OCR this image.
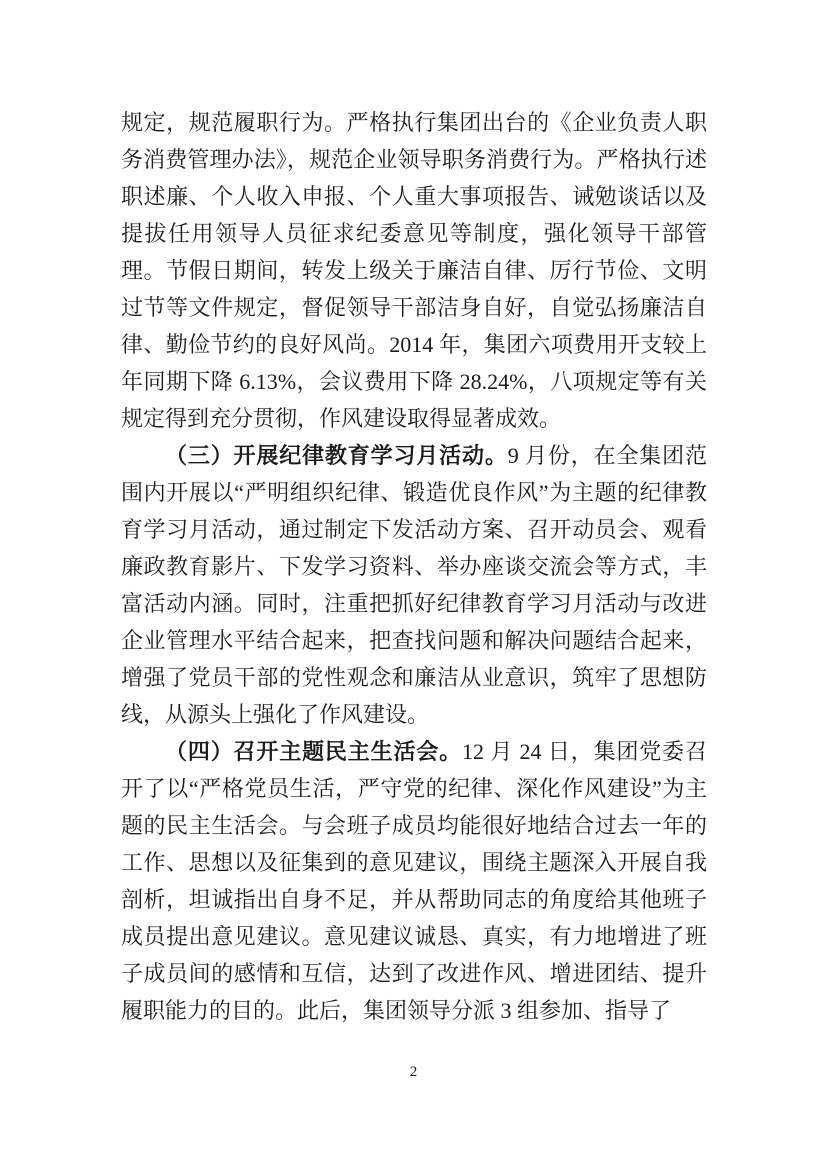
规定，规范履职行为。严格执行集团出台的《企业负责人职务消费管理办法》，规范企业领导职务消费行为。严格执行述职述廉、个人收入申报、个人重大事项报告、诫勉谈话以及提拔任用领导人员征求纪委意见等制度，强化领导干部管理。节假日期间，转发上级关于廉洁自律、厉行节俭、文明过节等文件规定，督促领导干部洁身自好，自觉弘扬廉洁自律、勤俭节约的良好风尚。2014 年，集团六项费用开支较上年同期下降 6.13%，会议费用下降 28.24%，八项规定等有关规定得到充分贯彻，作风建设取得显著成效。

（三）开展纪律教育学习月活动。9 月份，在全集团范围内开展以“严明组织纪律、锻造优良作风”为主题的纪律教育学习月活动，通过制定下发活动方案、召开动员会、观看廉政教育影片、下发学习资料、举办座谈交流会等方式，丰富活动内涵。同时，注重把抓好纪律教育学习月活动与改进企业管理水平结合起来，把查找问题和解决问题结合起来，增强了党员干部的党性观念和廉洁从业意识，筑牢了思想防线，从源头上强化了作风建设。

（四）召开主题民主生活会。12 月 24 日，集团党委召开了以“严格党员生活，严守党的纪律、深化作风建设”为主题的民主生活会。与会班子成员均能很好地结合过去一年的工作、思想以及征集到的意见建议，围绕主题深入开展自我剖析，坦诚指出自身不足，并从帮助同志的角度给其他班子成员提出意见建议。意见建议诚恳、真实，有力地增进了班子成员间的感情和互信，达到了改进作风、增进团结、提升履职能力的目的。此后，集团领导分派 3 组参加、指导了

2
